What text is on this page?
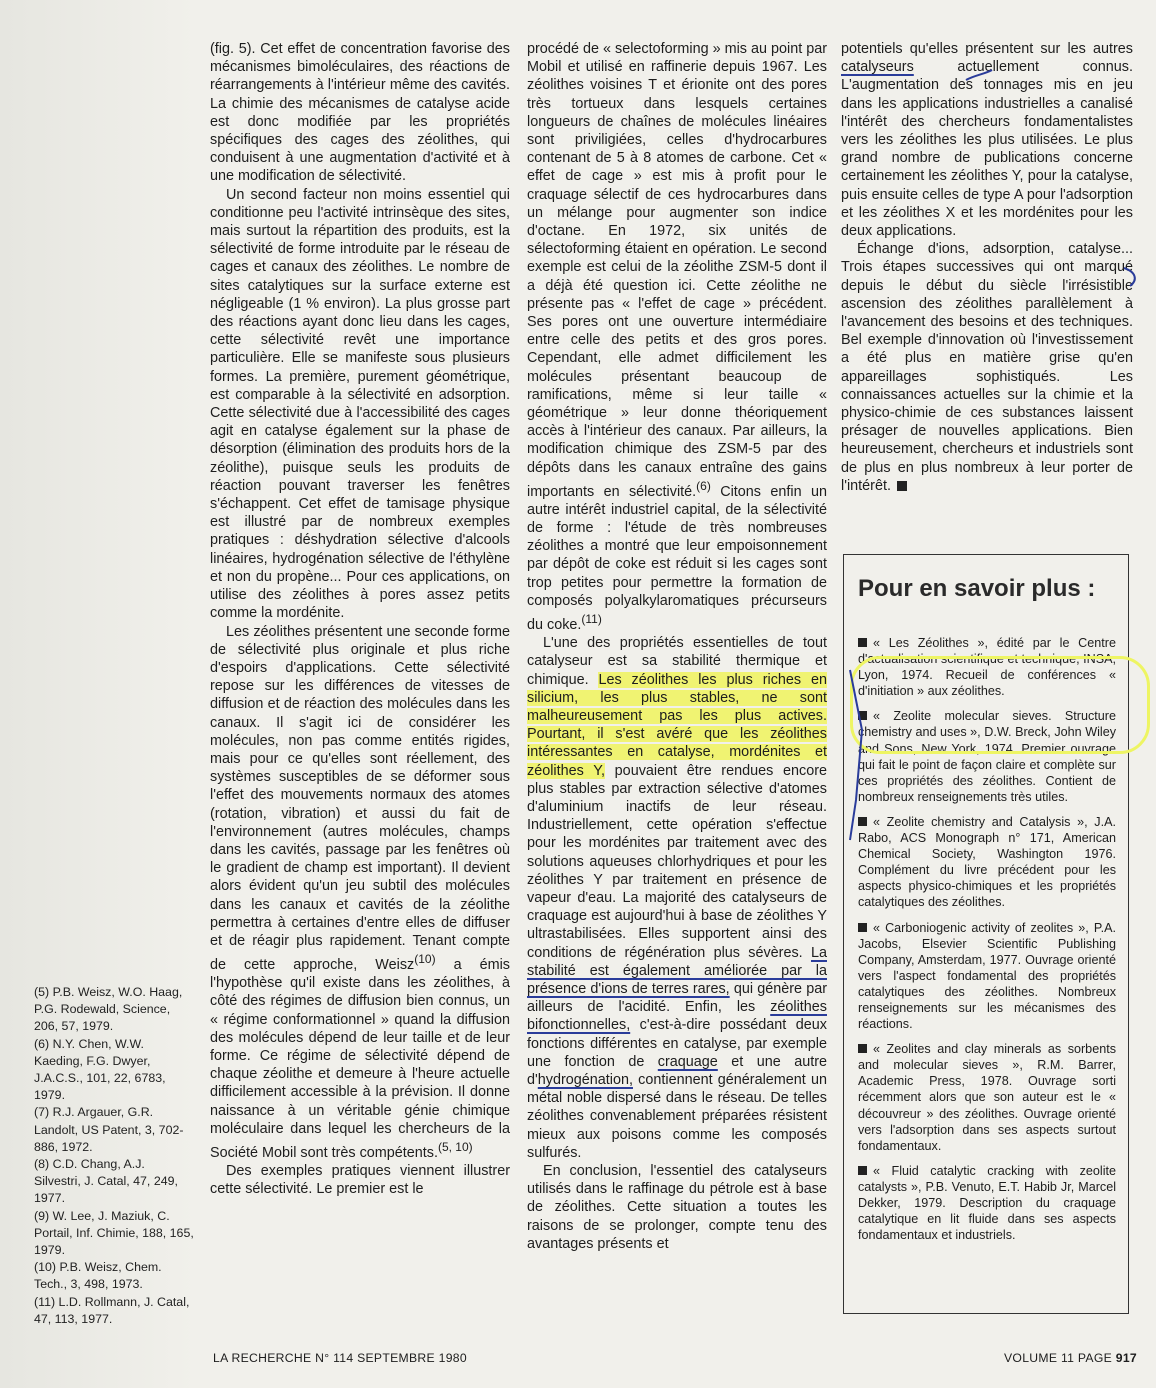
(fig. 5). Cet effet de concentration favorise des mécanismes bimoléculaires, des réactions de réarrangements à l'intérieur même des cavités. La chimie des mécanismes de catalyse acide est donc modifiée par les propriétés spécifiques des cages des zéolithes, qui conduisent à une augmentation d'activité et à une modification de sélectivité.

Un second facteur non moins essentiel qui conditionne peu l'activité intrinsèque des sites, mais surtout la répartition des produits, est la sélectivité de forme introduite par le réseau de cages et canaux des zéolithes. Le nombre de sites catalytiques sur la surface externe est négligeable (1 % environ). La plus grosse part des réactions ayant donc lieu dans les cages, cette sélectivité revêt une importance particulière. Elle se manifeste sous plusieurs formes. La première, purement géométrique, est comparable à la sélectivité en adsorption. Cette sélectivité due à l'accessibilité des cages agit en catalyse également sur la phase de désorption (élimination des produits hors de la zéolithe), puisque seuls les produits de réaction pouvant traverser les fenêtres s'échappent. Cet effet de tamisage physique est illustré par de nombreux exemples pratiques : déshydration sélective d'alcools linéaires, hydrogénation sélective de l'éthylène et non du propène... Pour ces applications, on utilise des zéolithes à pores assez petits comme la mordénite.

Les zéolithes présentent une seconde forme de sélectivité plus originale et plus riche d'espoirs d'applications. Cette sélectivité repose sur les différences de vitesses de diffusion et de réaction des molécules dans les canaux. Il s'agit ici de considérer les molécules, non pas comme entités rigides, mais pour ce qu'elles sont réellement, des systèmes susceptibles de se déformer sous l'effet des mouvements normaux des atomes (rotation, vibration) et aussi du fait de l'environnement (autres molécules, champs dans les cavités, passage par les fenêtres où le gradient de champ est important). Il devient alors évident qu'un jeu subtil des molécules dans les canaux et cavités de la zéolithe permettra à certaines d'entre elles de diffuser et de réagir plus rapidement. Tenant compte de cette approche, Weisz$^{(10)}$ a émis l'hypothèse qu'il existe dans les zéolithes, à côté des régimes de diffusion bien connus, un « régime conformationnel » quand la diffusion des molécules dépend de leur taille et de leur forme. Ce régime de sélectivité dépend de chaque zéolithe et demeure à l'heure actuelle difficilement accessible à la prévision. Il donne naissance à un véritable génie chimique moléculaire dans lequel les chercheurs de la Société Mobil sont très compétents.$^{(5, 10)}$

Des exemples pratiques viennent illustrer cette sélectivité. Le premier est le

procédé de « selectoforming » mis au point par Mobil et utilisé en raffinerie depuis 1967. Les zéolithes voisines T et érionite ont des pores très tortueux dans lesquels certaines longueurs de chaînes de molécules linéaires sont priviligiées, celles d'hydrocarbures contenant de 5 à 8 atomes de carbone. Cet « effet de cage » est mis à profit pour le craquage sélectif de ces hydrocarbures dans un mélange pour augmenter son indice d'octane. En 1972, six unités de sélectoforming étaient en opération. Le second exemple est celui de la zéolithe ZSM-5 dont il a déjà été question ici. Cette zéolithe ne présente pas « l'effet de cage » précédent. Ses pores ont une ouverture intermédiaire entre celle des petits et des gros pores. Cependant, elle admet difficilement les molécules présentant beaucoup de ramifications, même si leur taille « géométrique » leur donne théoriquement accès à l'intérieur des canaux. Par ailleurs, la modification chimique des ZSM-5 par des dépôts dans les canaux entraîne des gains importants en sélectivité.$^{(6)}$ Citons enfin un autre intérêt industriel capital, de la sélectivité de forme : l'étude de très nombreuses zéolithes a montré que leur empoisonnement par dépôt de coke est réduit si les cages sont trop petites pour permettre la formation de composés polyalkylaromatiques précurseurs du coke.$^{(11)}$

L'une des propriétés essentielles de tout catalyseur est sa stabilité thermique et chimique. Les zéolithes les plus riches en silicium, les plus stables, ne sont malheureusement pas les plus actives. Pourtant, il s'est avéré que les zéolithes intéressantes en catalyse, mordénites et zéolithes Y, pouvaient être rendues encore plus stables par extraction sélective d'atomes d'aluminium inactifs de leur réseau. Industriellement, cette opération s'effectue pour les mordénites par traitement avec des solutions aqueuses chlorhydriques et pour les zéolithes Y par traitement en présence de vapeur d'eau. La majorité des catalyseurs de craquage est aujourd'hui à base de zéolithes Y ultrastabilisées. Elles supportent ainsi des conditions de régénération plus sévères. La stabilité est également améliorée par la présence d'ions de terres rares, qui génère par ailleurs de l'acidité. Enfin, les zéolithes bifonctionnelles, c'est-à-dire possédant deux fonctions différentes en catalyse, par exemple une fonction de craquage et une autre d'hydrogénation, contiennent généralement un métal noble dispersé dans le réseau. De telles zéolithes convenablement préparées résistent mieux aux poisons comme les composés sulfurés.

En conclusion, l'essentiel des catalyseurs utilisés dans le raffinage du pétrole est à base de zéolithes. Cette situation a toutes les raisons de se prolonger, compte tenu des avantages présents et

potentiels qu'elles présentent sur les autres catalyseurs actuellement connus. L'augmentation des tonnages mis en jeu dans les applications industrielles a canalisé l'intérêt des chercheurs fondamentalistes vers les zéolithes les plus utilisées. Le plus grand nombre de publications concerne certainement les zéolithes Y, pour la catalyse, puis ensuite celles de type A pour l'adsorption et les zéolithes X et les mordénites pour les deux applications.

Échange d'ions, adsorption, catalyse... Trois étapes successives qui ont marqué depuis le début du siècle l'irrésistible ascension des zéolithes parallèlement à l'avancement des besoins et des techniques. Bel exemple d'innovation où l'investissement a été plus en matière grise qu'en appareillages sophistiqués. Les connaissances actuelles sur la chimie et la physico-chimie de ces substances laissent présager de nouvelles applications. Bien heureusement, chercheurs et industriels sont de plus en plus nombreux à leur porter de l'intérêt.

Pour en savoir plus :
« Les Zéolithes », édité par le Centre d'actualisation scientifique et technique, INSA, Lyon, 1974. Recueil de conférences « d'initiation » aux zéolithes.
« Zeolite molecular sieves. Structure chemistry and uses », D.W. Breck, John Wiley and Sons, New York, 1974. Premier ouvrage qui fait le point de façon claire et complète sur ces propriétés des zéolithes. Contient de nombreux renseignements très utiles.
« Zeolite chemistry and Catalysis », J.A. Rabo, ACS Monograph n° 171, American Chemical Society, Washington 1976. Complément du livre précédent pour les aspects physico-chimiques et les propriétés catalytiques des zéolithes.
« Carboniogenic activity of zeolites », P.A. Jacobs, Elsevier Scientific Publishing Company, Amsterdam, 1977. Ouvrage orienté vers l'aspect fondamental des propriétés catalytiques des zéolithes. Nombreux renseignements sur les mécanismes des réactions.
« Zeolites and clay minerals as sorbents and molecular sieves », R.M. Barrer, Academic Press, 1978. Ouvrage sorti récemment alors que son auteur est le « découvreur » des zéolithes. Ouvrage orienté vers l'adsorption dans ses aspects surtout fondamentaux.
« Fluid catalytic cracking with zeolite catalysts », P.B. Venuto, E.T. Habib Jr, Marcel Dekker, 1979. Description du craquage catalytique en lit fluide dans ses aspects fondamentaux et industriels.

(5) P.B. Weisz, W.O. Haag, P.G. Rodewald, Science, 206, 57, 1979.

(6) N.Y. Chen, W.W. Kaeding, F.G. Dwyer, J.A.C.S., 101, 22, 6783, 1979.

(7) R.J. Argauer, G.R. Landolt, US Patent, 3, 702-886, 1972.

(8) C.D. Chang, A.J. Silvestri, J. Catal, 47, 249, 1977.

(9) W. Lee, J. Maziuk, C. Portail, Inf. Chimie, 188, 165, 1979.

(10) P.B. Weisz, Chem. Tech., 3, 498, 1973.

(11) L.D. Rollmann, J. Catal, 47, 113, 1977.

LA RECHERCHE N° 114 SEPTEMBRE 1980	VOLUME 11 PAGE 917
